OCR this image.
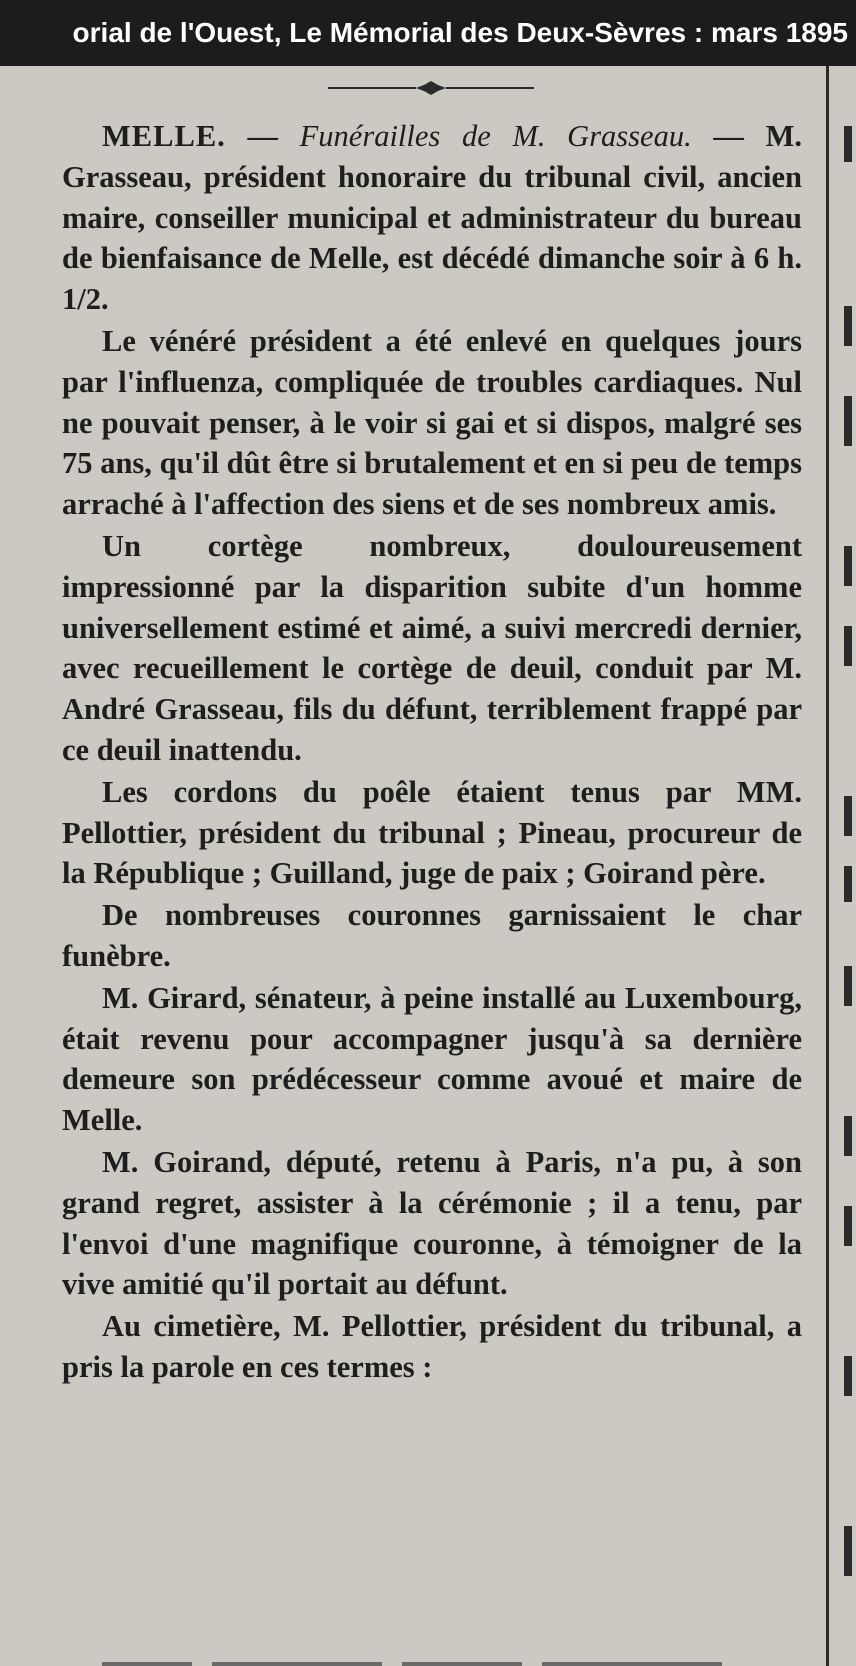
orial de l'Ouest, Le Mémorial des Deux-Sèvres : mars 1895

MELLE. — Funérailles de M. Grasseau. — M. Grasseau, président honoraire du tribunal civil, ancien maire, conseiller municipal et administrateur du bureau de bienfaisance de Melle, est décédé dimanche soir à 6 h. 1/2.

Le vénéré président a été enlevé en quelques jours par l'influenza, compliquée de troubles cardiaques. Nul ne pouvait penser, à le voir si gai et si dispos, malgré ses 75 ans, qu'il dût être si brutalement et en si peu de temps arraché à l'affection des siens et de ses nombreux amis.

Un cortège nombreux, douloureusement impressionné par la disparition subite d'un homme universellement estimé et aimé, a suivi mercredi dernier, avec recueillement le cortège de deuil, conduit par M. André Grasseau, fils du défunt, terriblement frappé par ce deuil inattendu.

Les cordons du poêle étaient tenus par MM. Pellottier, président du tribunal ; Pineau, procureur de la République ; Guilland, juge de paix ; Goirand père.

De nombreuses couronnes garnissaient le char funèbre.

M. Girard, sénateur, à peine installé au Luxembourg, était revenu pour accompagner jusqu'à sa dernière demeure son prédécesseur comme avoué et maire de Melle.

M. Goirand, député, retenu à Paris, n'a pu, à son grand regret, assister à la cérémonie ; il a tenu, par l'envoi d'une magnifique couronne, à témoigner de la vive amitié qu'il portait au défunt.

Au cimetière, M. Pellottier, président du tribunal, a pris la parole en ces termes :
